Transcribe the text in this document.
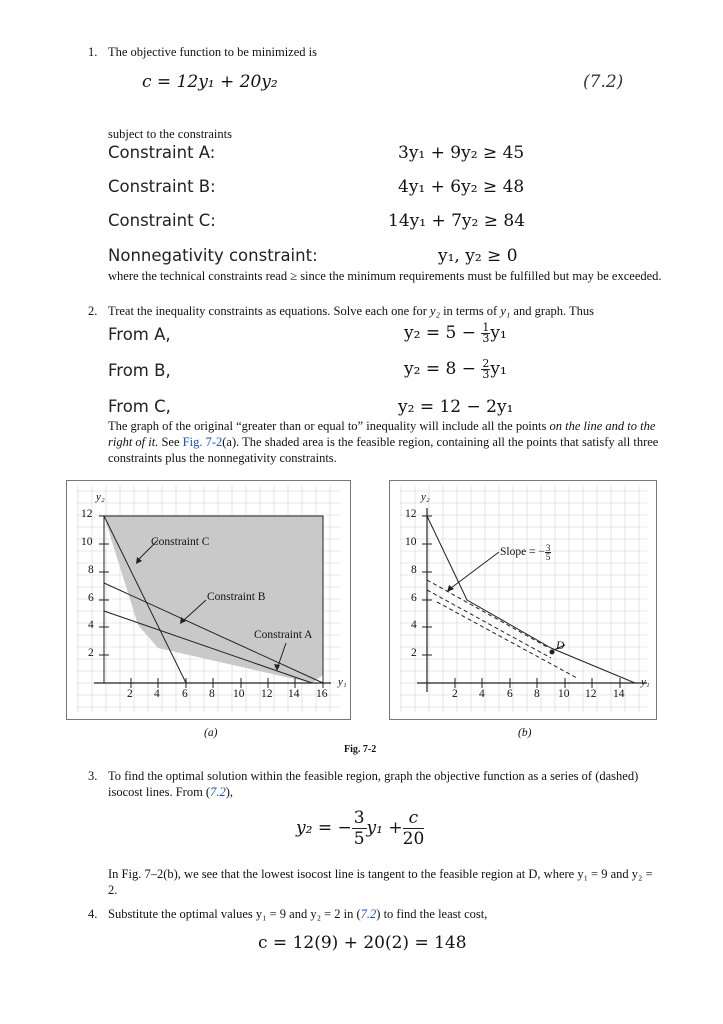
1. The objective function to be minimized is
c = 12y₁ + 20y₂	(7.2)
subject to the constraints
Constraint A:	3y₁ + 9y₂ ≥ 45
Constraint B:	4y₁ + 6y₂ ≥ 48
Constraint C:	14y₁ + 7y₂ ≥ 84
Nonnegativity constraint:	y₁, y₂ ≥ 0
where the technical constraints read ≥ since the minimum requirements must be fulfilled but may be exceeded.
2. Treat the inequality constraints as equations. Solve each one for y₂ in terms of y₁ and graph. Thus
From A,	$y_2 = 5 - \frac{1}{3} y_1$
From B,	$y_2 = 8 - \frac{2}{3} y_1$
From C,	y₂ = 12 − 2y₁
The graph of the original “greater than or equal to” inequality will include all the points on the line and to the right of it. See Fig. 7-2(a). The shaded area is the feasible region, containing all the points that satisfy all three constraints plus the nonnegativity constraints.
y₂
y₁
12
10
8
6
4
2
2 4 6 8 10 12 14 16
Constraint C
Constraint B
Constraint A
(a)
y₂
y₁
12
10
8
6
4
2
2 4 6 8 10 12 14
Slope = − $\frac{3}{5}$
D
(b)
Fig. 7-2
3. To find the optimal solution within the feasible region, graph the objective function as a series of (dashed) isocost lines. From (7.2),
y₂ = − $\frac{3}{5} y_1 + \frac{c}{20}$
In Fig. 7–2(b), we see that the lowest isocost line is tangent to the feasible region at D, where y₁ = 9 and y₂ = 2.
4. Substitute the optimal values y₁ = 9 and y₂ = 2 in (7.2) to find the least cost,
c = 12(9) + 20(2) = 148
